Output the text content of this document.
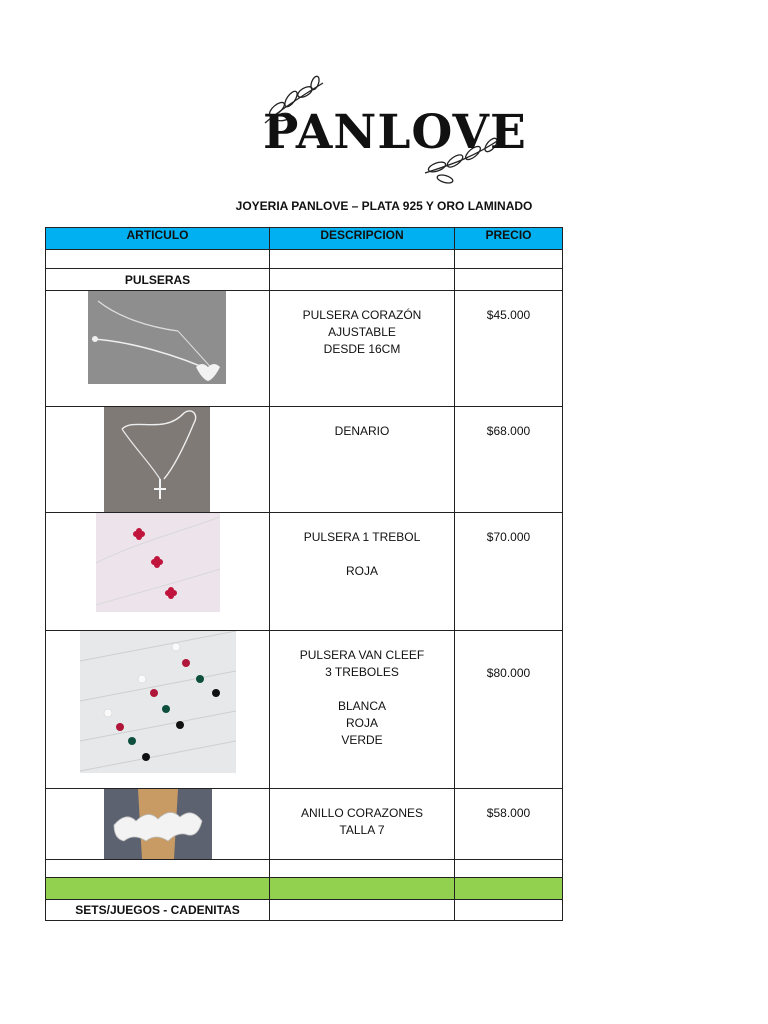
PANLOVE
JOYERIA PANLOVE – PLATA 925 Y ORO LAMINADO
ARTICULO	DESCRIPCION	PRECIO

PULSERAS		

PULSERA CORAZÓN AJUSTABLE
DESDE 16CM	$45.000

DENARIO	$68.000

PULSERA 1 TREBOL
ROJA	$70.000

PULSERA VAN CLEEF
3 TREBOLES
BLANCA
ROJA
VERDE	$80.000

ANILLO CORAZONES
TALLA 7	$58.000

SETS/JUEGOS - CADENITAS		
